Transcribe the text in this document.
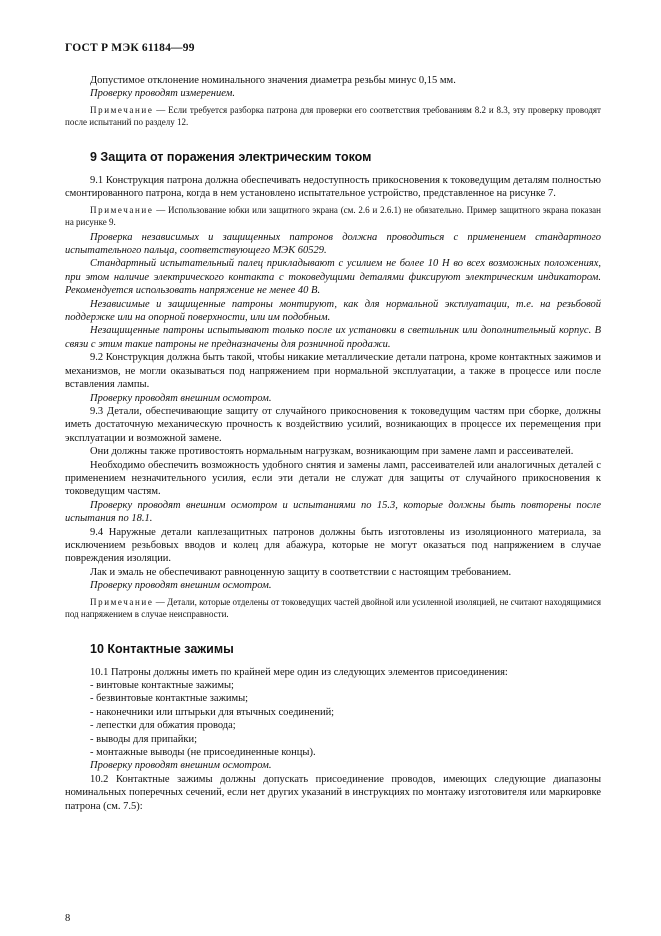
ГОСТ Р МЭК 61184—99

Допустимое отклонение номинального значения диаметра резьбы минус 0,15 мм.

Проверку проводят измерением.

Примечание — Если требуется разборка патрона для проверки его соответствия требованиям 8.2 и 8.3, эту проверку проводят после испытаний по разделу 12.

9 Защита от поражения электрическим током

9.1 Конструкция патрона должна обеспечивать недоступность прикосновения к токоведущим деталям полностью смонтированного патрона, когда в нем установлено испытательное устройство, представленное на рисунке 7.

Примечание — Использование юбки или защитного экрана (см. 2.6 и 2.6.1) не обязательно. Пример защитного экрана показан на рисунке 9.

Проверка независимых и защищенных патронов должна проводиться с применением стандартного испытательного пальца, соответствующего МЭК 60529.

Стандартный испытательный палец прикладывают с усилием не более 10 Н во всех возможных положениях, при этом наличие электрического контакта с токоведущими деталями фиксируют электрическим индикатором. Рекомендуется использовать напряжение не менее 40 В.

Независимые и защищенные патроны монтируют, как для нормальной эксплуатации, т.е. на резьбовой поддержке или на опорной поверхности, или им подобным.

Незащищенные патроны испытывают только после их установки в светильник или дополнительный корпус. В связи с этим такие патроны не предназначены для розничной продажи.

9.2 Конструкция должна быть такой, чтобы никакие металлические детали патрона, кроме контактных зажимов и механизмов, не могли оказываться под напряжением при нормальной эксплуатации, а также в процессе или после вставления лампы.

Проверку проводят внешним осмотром.

9.3 Детали, обеспечивающие защиту от случайного прикосновения к токоведущим частям при сборке, должны иметь достаточную механическую прочность к воздействию усилий, возникающих в процессе их перемещения при эксплуатации и возможной замене.

Они должны также противостоять нормальным нагрузкам, возникающим при замене ламп и рассеивателей.

Необходимо обеспечить возможность удобного снятия и замены ламп, рассеивателей или аналогичных деталей с применением незначительного усилия, если эти детали не служат для защиты от случайного прикосновения к токоведущим частям.

Проверку проводят внешним осмотром и испытаниями по 15.3, которые должны быть повторены после испытания по 18.1.

9.4 Наружные детали каплезащитных патронов должны быть изготовлены из изоляционного материала, за исключением резьбовых вводов и колец для абажура, которые не могут оказаться под напряжением в случае повреждения изоляции.

Лак и эмаль не обеспечивают равноценную защиту в соответствии с настоящим требованием.

Проверку проводят внешним осмотром.

Примечание — Детали, которые отделены от токоведущих частей двойной или усиленной изоляцией, не считают находящимися под напряжением в случае неисправности.

10 Контактные зажимы

10.1 Патроны должны иметь по крайней мере один из следующих элементов присоединения:

- винтовые контактные зажимы;

- безвинтовые контактные зажимы;

- наконечники или штырьки для втычных соединений;

- лепестки для обжатия провода;

- выводы для припайки;

- монтажные выводы (не присоединенные концы).

Проверку проводят внешним осмотром.

10.2 Контактные зажимы должны допускать присоединение проводов, имеющих следующие диапазоны номинальных поперечных сечений, если нет других указаний в инструкциях по монтажу изготовителя или маркировке патрона (см. 7.5):

8
